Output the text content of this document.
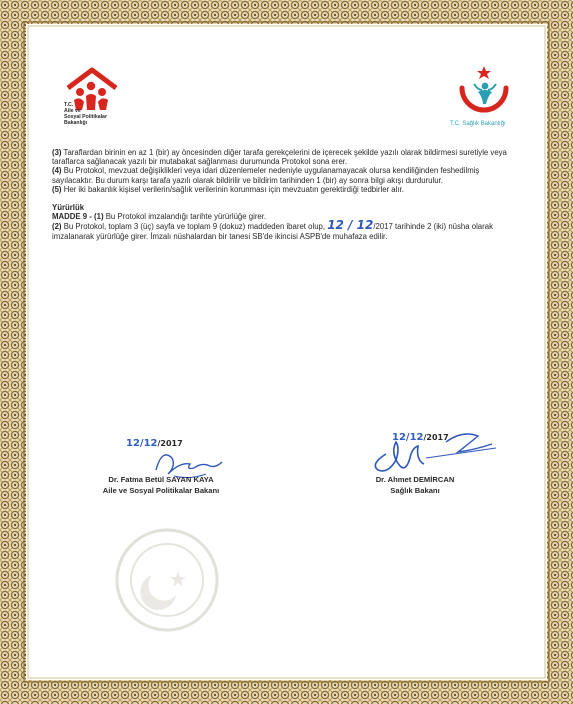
T.C.
Aile ve
Sosyal Politikalar
Bakanlığı	T.C. Sağlık Bakanlığı

(3) Taraflardan birinin en az 1 (bir) ay öncesinden diğer tarafa gerekçelerini de içerecek şekilde yazılı olarak bildirmesi suretiyle veya taraflarca sağlanacak yazılı bir mutabakat sağlanması durumunda Protokol sona erer.

(4) Bu Protokol, mevzuat değişiklikleri veya idari düzenlemeler nedeniyle uygulanamayacak olursa kendiliğinden feshedilmiş sayılacaktır. Bu durum karşı tarafa yazılı olarak bildirilir ve bildirim tarihinden 1 (bir) ay sonra bilgi akışı durdurulur.

(5) Her iki bakanlık kişisel verilerin/sağlık verilerinin korunması için mevzuatın gerektirdiği tedbirler alır.

Yürürlük

MADDE 9 - (1) Bu Protokol imzalandığı tarihte yürürlüğe girer.

(2) Bu Protokol, toplam 3 (üç) sayfa ve toplam 9 (dokuz) maddeden ibaret olup, 12 / 12/2017 tarihinde 2 (iki) nüsha olarak imzalanarak yürürlüğe girer. İmzalı nüshalardan bir tanesi SB'de ikincisi ASPB'de muhafaza edilir.

12/12/2017
Dr. Fatma Betül SAYAN KAYA
Aile ve Sosyal Politikalar Bakanı
12/12/2017
Dr. Ahmet DEMİRCAN
Sağlık Bakanı
